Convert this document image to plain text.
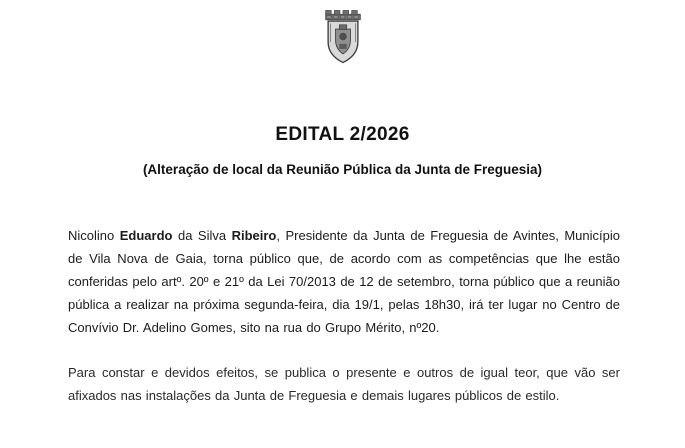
EDITAL 2/2026
(Alteração de local da Reunião Pública da Junta de Freguesia)

Nicolino Eduardo da Silva Ribeiro, Presidente da Junta de Freguesia de Avintes, Município de Vila Nova de Gaia, torna público que, de acordo com as competências que lhe estão conferidas pelo artº. 20º e 21º da Lei 70/2013 de 12 de setembro, torna público que a reunião pública a realizar na próxima segunda-feira, dia 19/1, pelas 18h30, irá ter lugar no Centro de Convívio Dr. Adelino Gomes, sito na rua do Grupo Mérito, nº20.

Para constar e devidos efeitos, se publica o presente e outros de igual teor, que vão ser afixados nas instalações da Junta de Freguesia e demais lugares públicos de estilo.
